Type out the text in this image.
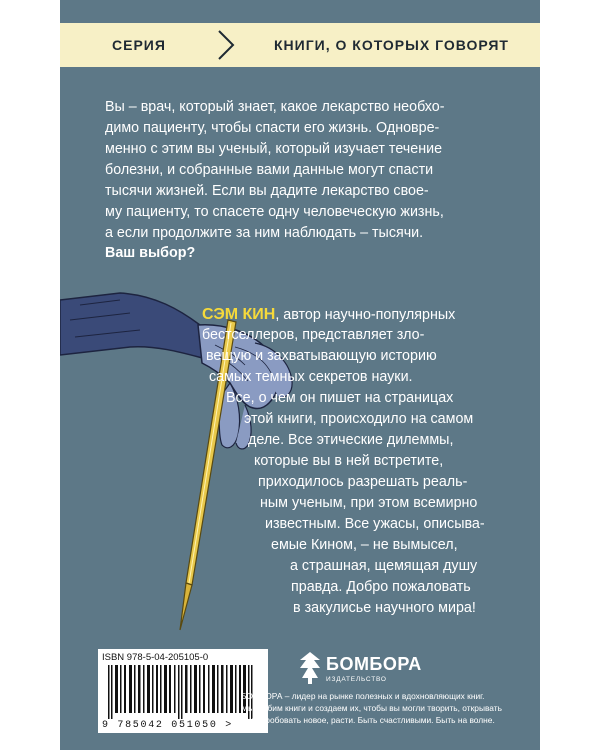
СЕРИЯ	КНИГИ, О КОТОРЫХ ГОВОРЯТ
Вы – врач, который знает, какое лекарство необхо-
димо пациенту, чтобы спасти его жизнь. Одновре-
менно с этим вы ученый, который изучает течение
болезни, и собранные вами данные могут спасти
тысячи жизней. Если вы дадите лекарство свое-
му пациенту, то спасете одну человеческую жизнь,
а если продолжите за ним наблюдать – тысячи.
Ваш выбор?
СЭМ КИН, автор научно-популярных
бестселлеров, представляет зло-
вещую и захватывающую историю
самых темных секретов науки.
Все, о чем он пишет на страницах
этой книги, происходило на самом
деле. Все этические дилеммы,
которые вы в ней встретите,
приходилось разрешать реаль-
ным ученым, при этом всемирно
известным. Все ужасы, описыва-
емые Кином, – не вымысел,
а страшная, щемящая душу
правда. Добро пожаловать
в закулисье научного мира!
ISBN 978-5-04-205105-0
9 785042 051050 >
БОМБОРА
ИЗДАТЕЛЬСТВО
БОМБОРА – лидер на рынке полезных и вдохновляющих книг.
Мы любим книги и создаем их, чтобы вы могли творить, открывать
мир, пробовать новое, расти. Быть счастливыми. Быть на волне.
